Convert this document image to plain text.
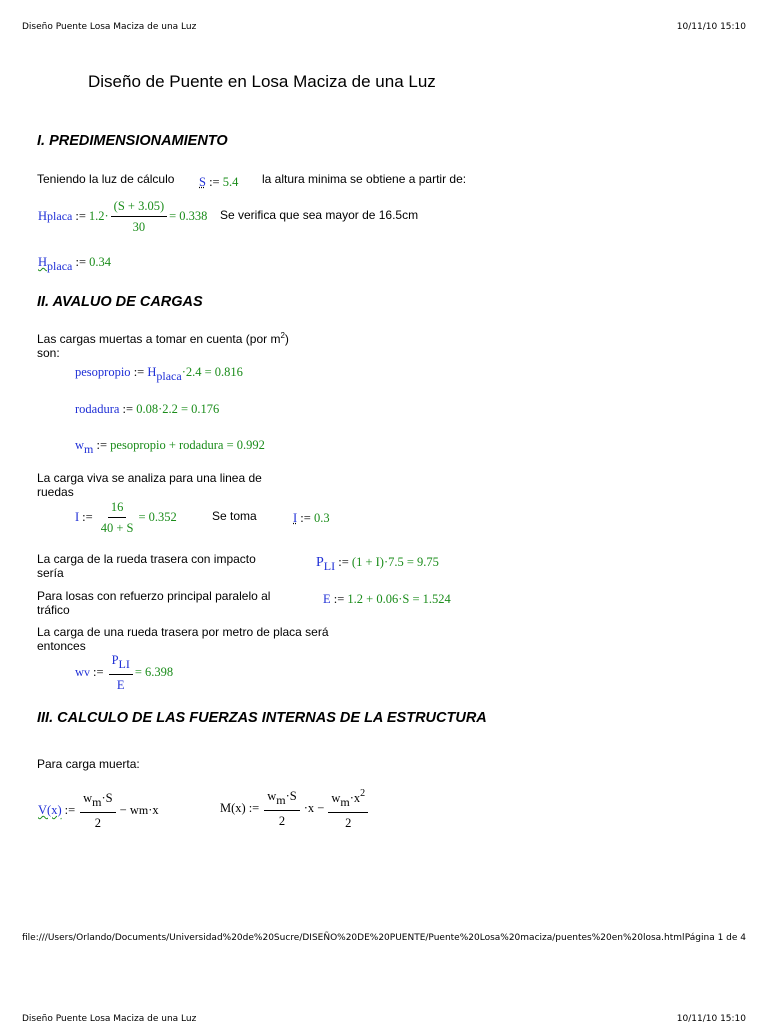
Diseño Puente Losa Maciza de una Luz	10/11/10 15:10
Diseño de Puente en Losa Maciza de una Luz
I. PREDIMENSIONAMIENTO
Teniendo la luz de cálculo S := 5.4 la altura minima se obtiene a partir de:
H placa := $1.2\cdot \frac{(S + 3.05)}{30} = 0.338$ Se verifica que sea mayor de 16.5cm
Hplaca := 0.34
II. AVALUO DE CARGAS
Las cargas muertas a tomar en cuenta (por $m^2$)
son:
pesopropio := Hplaca·2.4 = 0.816
rodadura := 0.08·2.2 = 0.176
wm := pesopropio + rodadura = 0.992
La carga viva se analiza para una linea de
ruedas
I := $\frac{16}{40 + S} = 0.352$	Se toma	I := 0.3
La carga de la rueda trasera con impacto
sería
PLI := (1 + I)·7.5 = 9.75
Para losas con refuerzo principal paralelo al
tráfico
E := 1.2 + 0.06·S = 1.524
La carga de una rueda trasera por metro de placa será
entonces
w v := $\frac{\text{PLI}}{E} = 6.398$
III. CALCULO DE LAS FUERZAS INTERNAS DE LA ESTRUCTURA
Para carga muerta:
V(x) := $\frac{wm\cdot S}{2} - w$ m ·x	M(x) := $\frac{wm\cdot S}{2} \cdot x - \frac{wm\cdot x^2}{2}$
file:///Users/Orlando/Documents/Universidad%20de%20Sucre/DISEÑO%20DE%20PUENTE/Puente%20Losa%20maciza/puentes%20en%20losa.html Página 1 de 4
Diseño Puente Losa Maciza de una Luz	10/11/10 15:10
